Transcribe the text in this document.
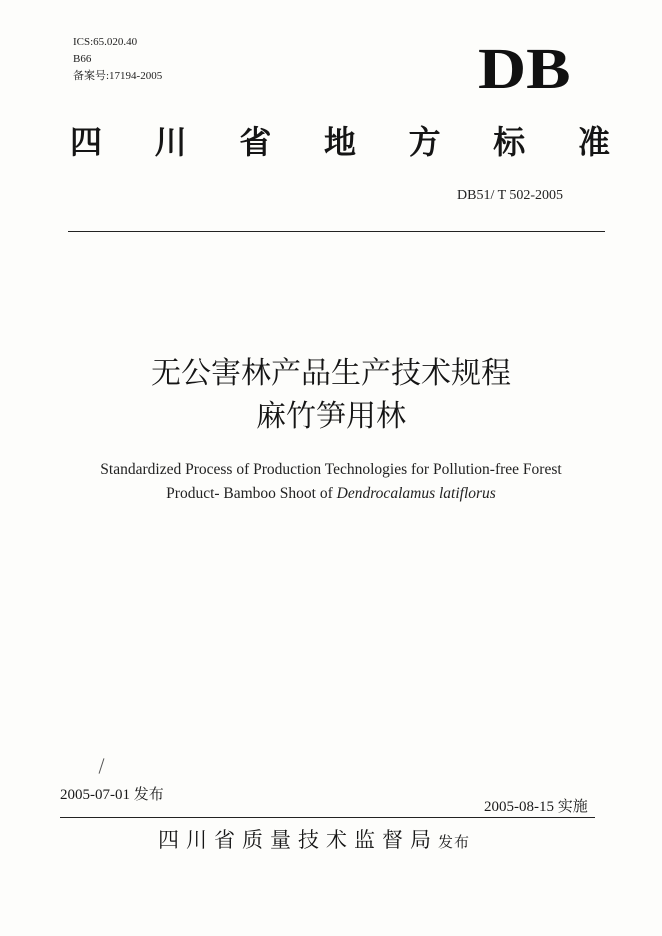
ICS:65.020.40
B66
备案号:17194-2005	DB
四 川 省 地 方 标 准
DB51/ T 502-2005
无公害林产品生产技术规程
麻竹笋用林
Standardized Process of Production Technologies for Pollution-free Forest
Product- Bamboo Shoot of Dendrocalamus latiflorus
2005-07-01 发布
2005-08-15 实施
四川省质量技术监督局发布
